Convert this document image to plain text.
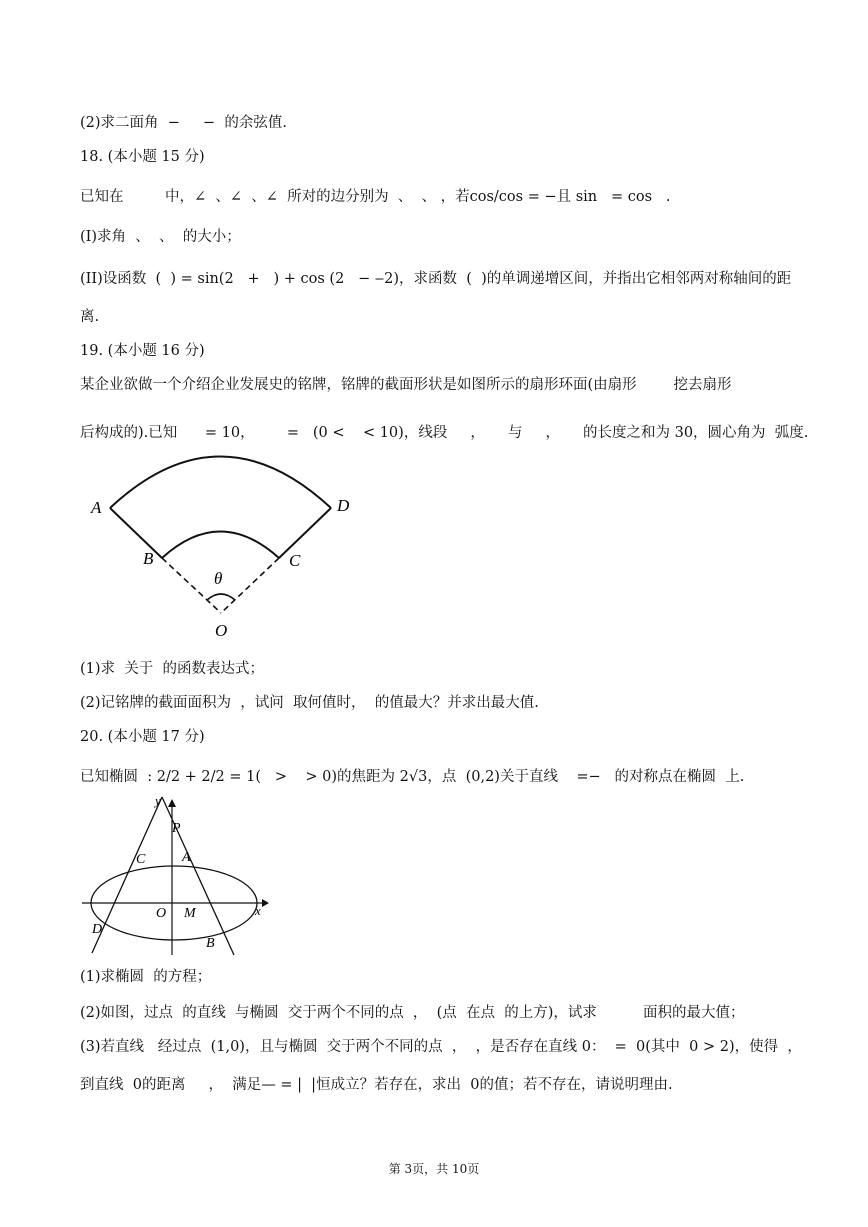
(2)求二面角  −     −  的余弦值.
18. (本小题 15 分)
已知在         中，∠  、∠  、∠  所对的边分别为  、  、 ，若cos/cos = −且 sin   = cos   .
(I)求角  、  、  的大小；
(II)设函数  (  ) = sin(2   +   ) + cos (2   − ‒2)，求函数  (  )的单调递增区间，并指出它相邻两对称轴间的距
离.
19. (本小题 16 分)
某企业欲做一个介绍企业发展史的铭牌，铭牌的截面形状是如图所示的扇形环面(由扇形        挖去扇形
后构成的).已知      = 10，       =   (0 <    < 10)，线段     ，     与     ，     的长度之和为 30，圆心角为  弧度.
A	D
B	C
θ
O
(1)求  关于  的函数表达式；
(2)记铭牌的截面面积为  ，试问  取何值时，  的值最大？并求出最大值.
20. (本小题 17 分)
已知椭圆  : 2/2 + 2/2 = 1(   >    > 0)的焦距为 2√3，点  (0,2)关于直线    =−   的对称点在椭圆  上.
y
P
C	A
O M	x
D
B
(1)求椭圆  的方程；
(2)如图，过点  的直线  与椭圆  交于两个不同的点  ，  (点  在点  的上方)，试求          面积的最大值；
(3)若直线   经过点  (1,0)，且与椭圆  交于两个不同的点  ，  ，是否存在直线 0：  =  0(其中  0 > 2)，使得  ，
到直线  0的距离     ，  满足— = |  |恒成立？若存在，求出  0的值；若不存在，请说明理由.
第 3页，共 10页
